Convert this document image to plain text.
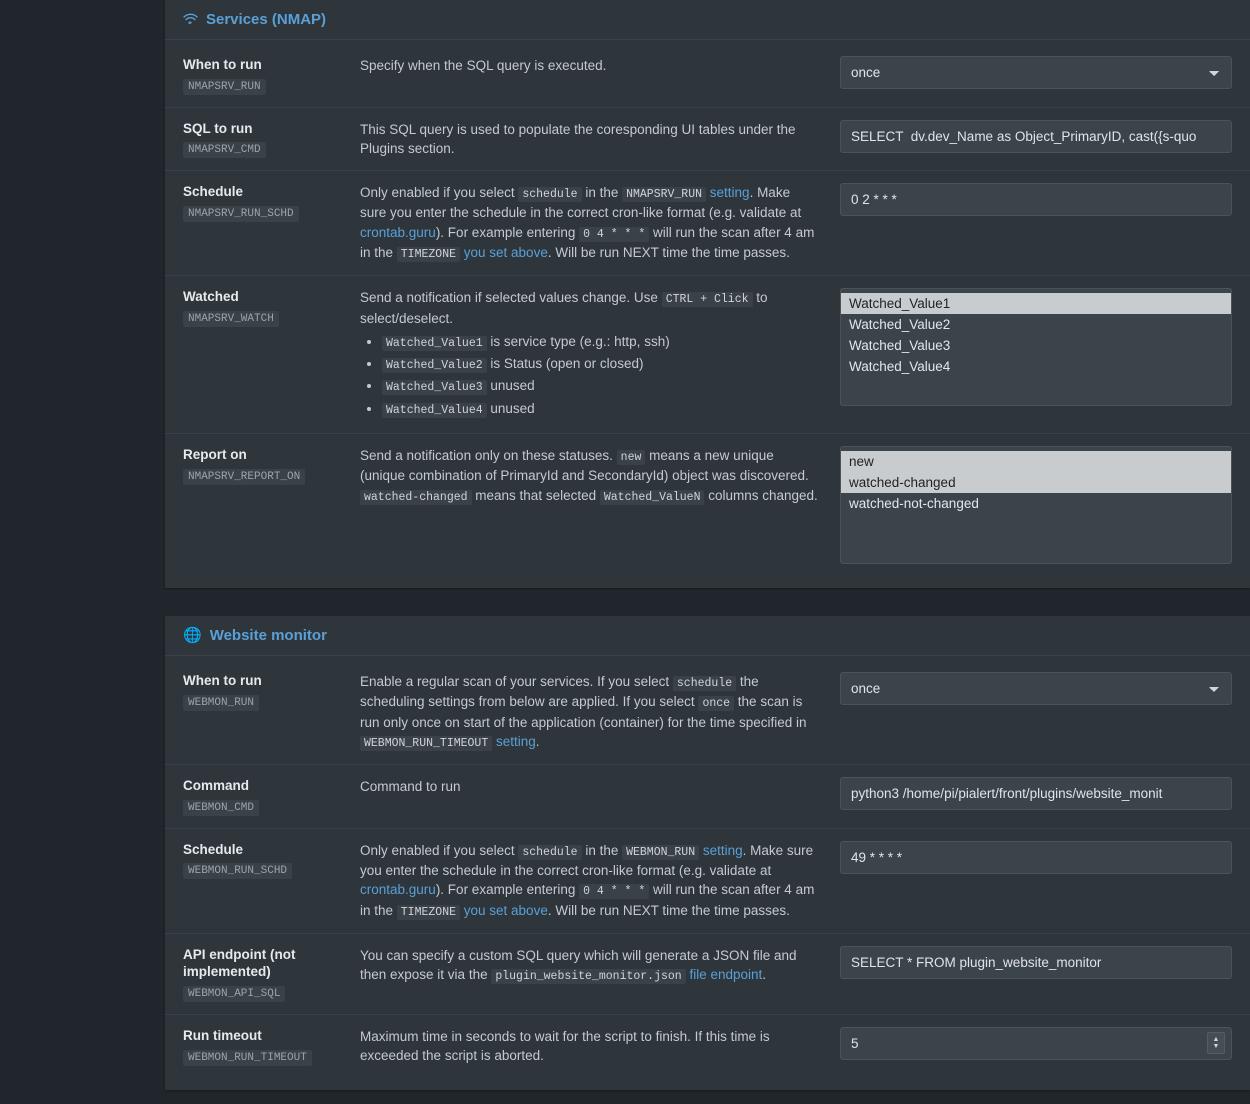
Services (NMAP)
When to run
NMAPSRV_RUN
Specify when the SQL query is executed.
once
SQL to run
NMAPSRV_CMD
This SQL query is used to populate the coresponding UI tables under the Plugins section.
SELECT dv.dev_Name as Object_PrimaryID, cast({s-quo
Schedule
NMAPSRV_RUN_SCHD
Only enabled if you select schedule in the NMAPSRV_RUN setting. Make sure you enter the schedule in the correct cron-like format (e.g. validate at crontab.guru). For example entering 0 4 * * * will run the scan after 4 am in the TIMEZONE you set above. Will be run NEXT time the time passes.
0 2 * * *
Watched
NMAPSRV_WATCH
Send a notification if selected values change. Use CTRL + Click to select/deselect.
• Watched_Value1 is service type (e.g.: http, ssh)
• Watched_Value2 is Status (open or closed)
• Watched_Value3 unused
• Watched_Value4 unused
Watched_Value1
Watched_Value2
Watched_Value3
Watched_Value4
Report on
NMAPSRV_REPORT_ON
Send a notification only on these statuses. new means a new unique (unique combination of PrimaryId and SecondaryId) object was discovered. watched-changed means that selected Watched_ValueN columns changed.
new
watched-changed
watched-not-changed
🌐 Website monitor
When to run
WEBMON_RUN
Enable a regular scan of your services. If you select schedule the scheduling settings from below are applied. If you select once the scan is run only once on start of the application (container) for the time specified in WEBMON_RUN_TIMEOUT setting.
once
Command
WEBMON_CMD
Command to run
python3 /home/pi/pialert/front/plugins/website_monit
Schedule
WEBMON_RUN_SCHD
Only enabled if you select schedule in the WEBMON_RUN setting. Make sure you enter the schedule in the correct cron-like format (e.g. validate at crontab.guru). For example entering 0 4 * * * will run the scan after 4 am in the TIMEZONE you set above. Will be run NEXT time the time passes.
49 * * * *
API endpoint (not implemented)
WEBMON_API_SQL
You can specify a custom SQL query which will generate a JSON file and then expose it via the plugin_website_monitor.json file endpoint.
SELECT * FROM plugin_website_monitor
Run timeout
WEBMON_RUN_TIMEOUT
Maximum time in seconds to wait for the script to finish. If this time is exceeded the script is aborted.
5
▲
▼
